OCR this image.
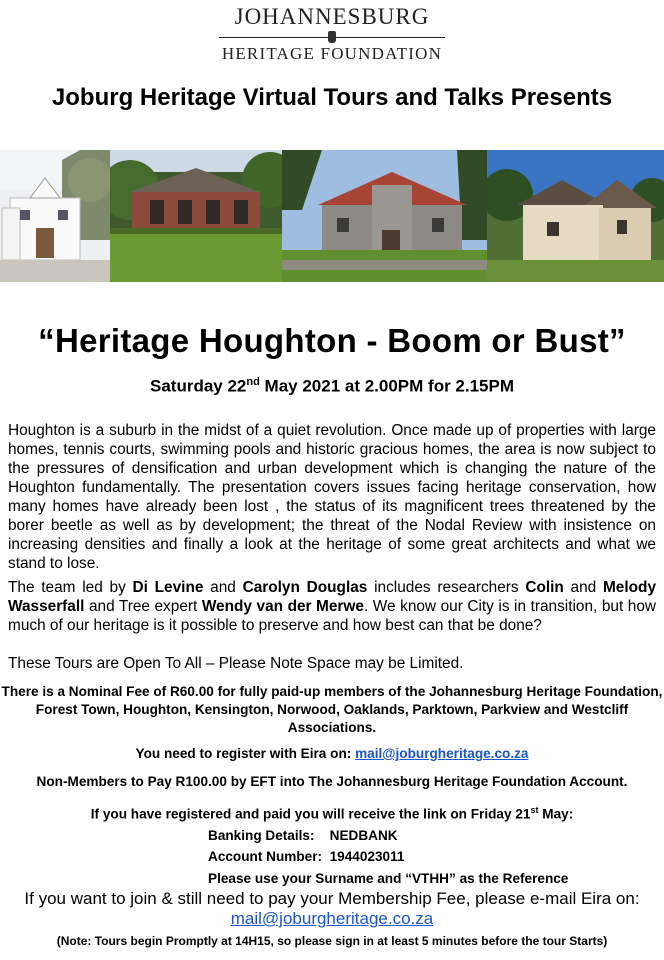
JOHANNESBURG
HERITAGE FOUNDATION
Joburg Heritage Virtual Tours and Talks Presents
“Heritage Houghton - Boom or Bust”
Saturday 22nd May 2021 at 2.00PM for 2.15PM
Houghton is a suburb in the midst of a quiet revolution. Once made up of properties with large homes, tennis courts, swimming pools and historic gracious homes, the area is now subject to the pressures of densification and urban development which is changing the nature of the Houghton fundamentally. The presentation covers issues facing heritage conservation, how many homes have already been lost , the status of its magnificent trees threatened by the borer beetle as well as by development; the threat of the Nodal Review with insistence on increasing densities and finally a look at the heritage of some great architects and what we stand to lose.
The team led by Di Levine and Carolyn Douglas includes researchers Colin and Melody Wasserfall and Tree expert Wendy van der Merwe. We know our City is in transition, but how much of our heritage is it possible to preserve and how best can that be done?
These Tours are Open To All – Please Note Space may be Limited.
There is a Nominal Fee of R60.00 for fully paid-up members of the Johannesburg Heritage Foundation, Forest Town, Houghton, Kensington, Norwood, Oaklands, Parktown, Parkview and Westcliff Associations.
You need to register with Eira on: mail@joburgheritage.co.za
Non-Members to Pay R100.00 by EFT into The Johannesburg Heritage Foundation Account.
If you have registered and paid you will receive the link on Friday 21st May:
Banking Details: NEDBANK
Account Number: 1944023011
Please use your Surname and “VTHH” as the Reference
If you want to join & still need to pay your Membership Fee, please e-mail Eira on:
mail@joburgheritage.co.za
(Note: Tours begin Promptly at 14H15, so please sign in at least 5 minutes before the tour Starts)
